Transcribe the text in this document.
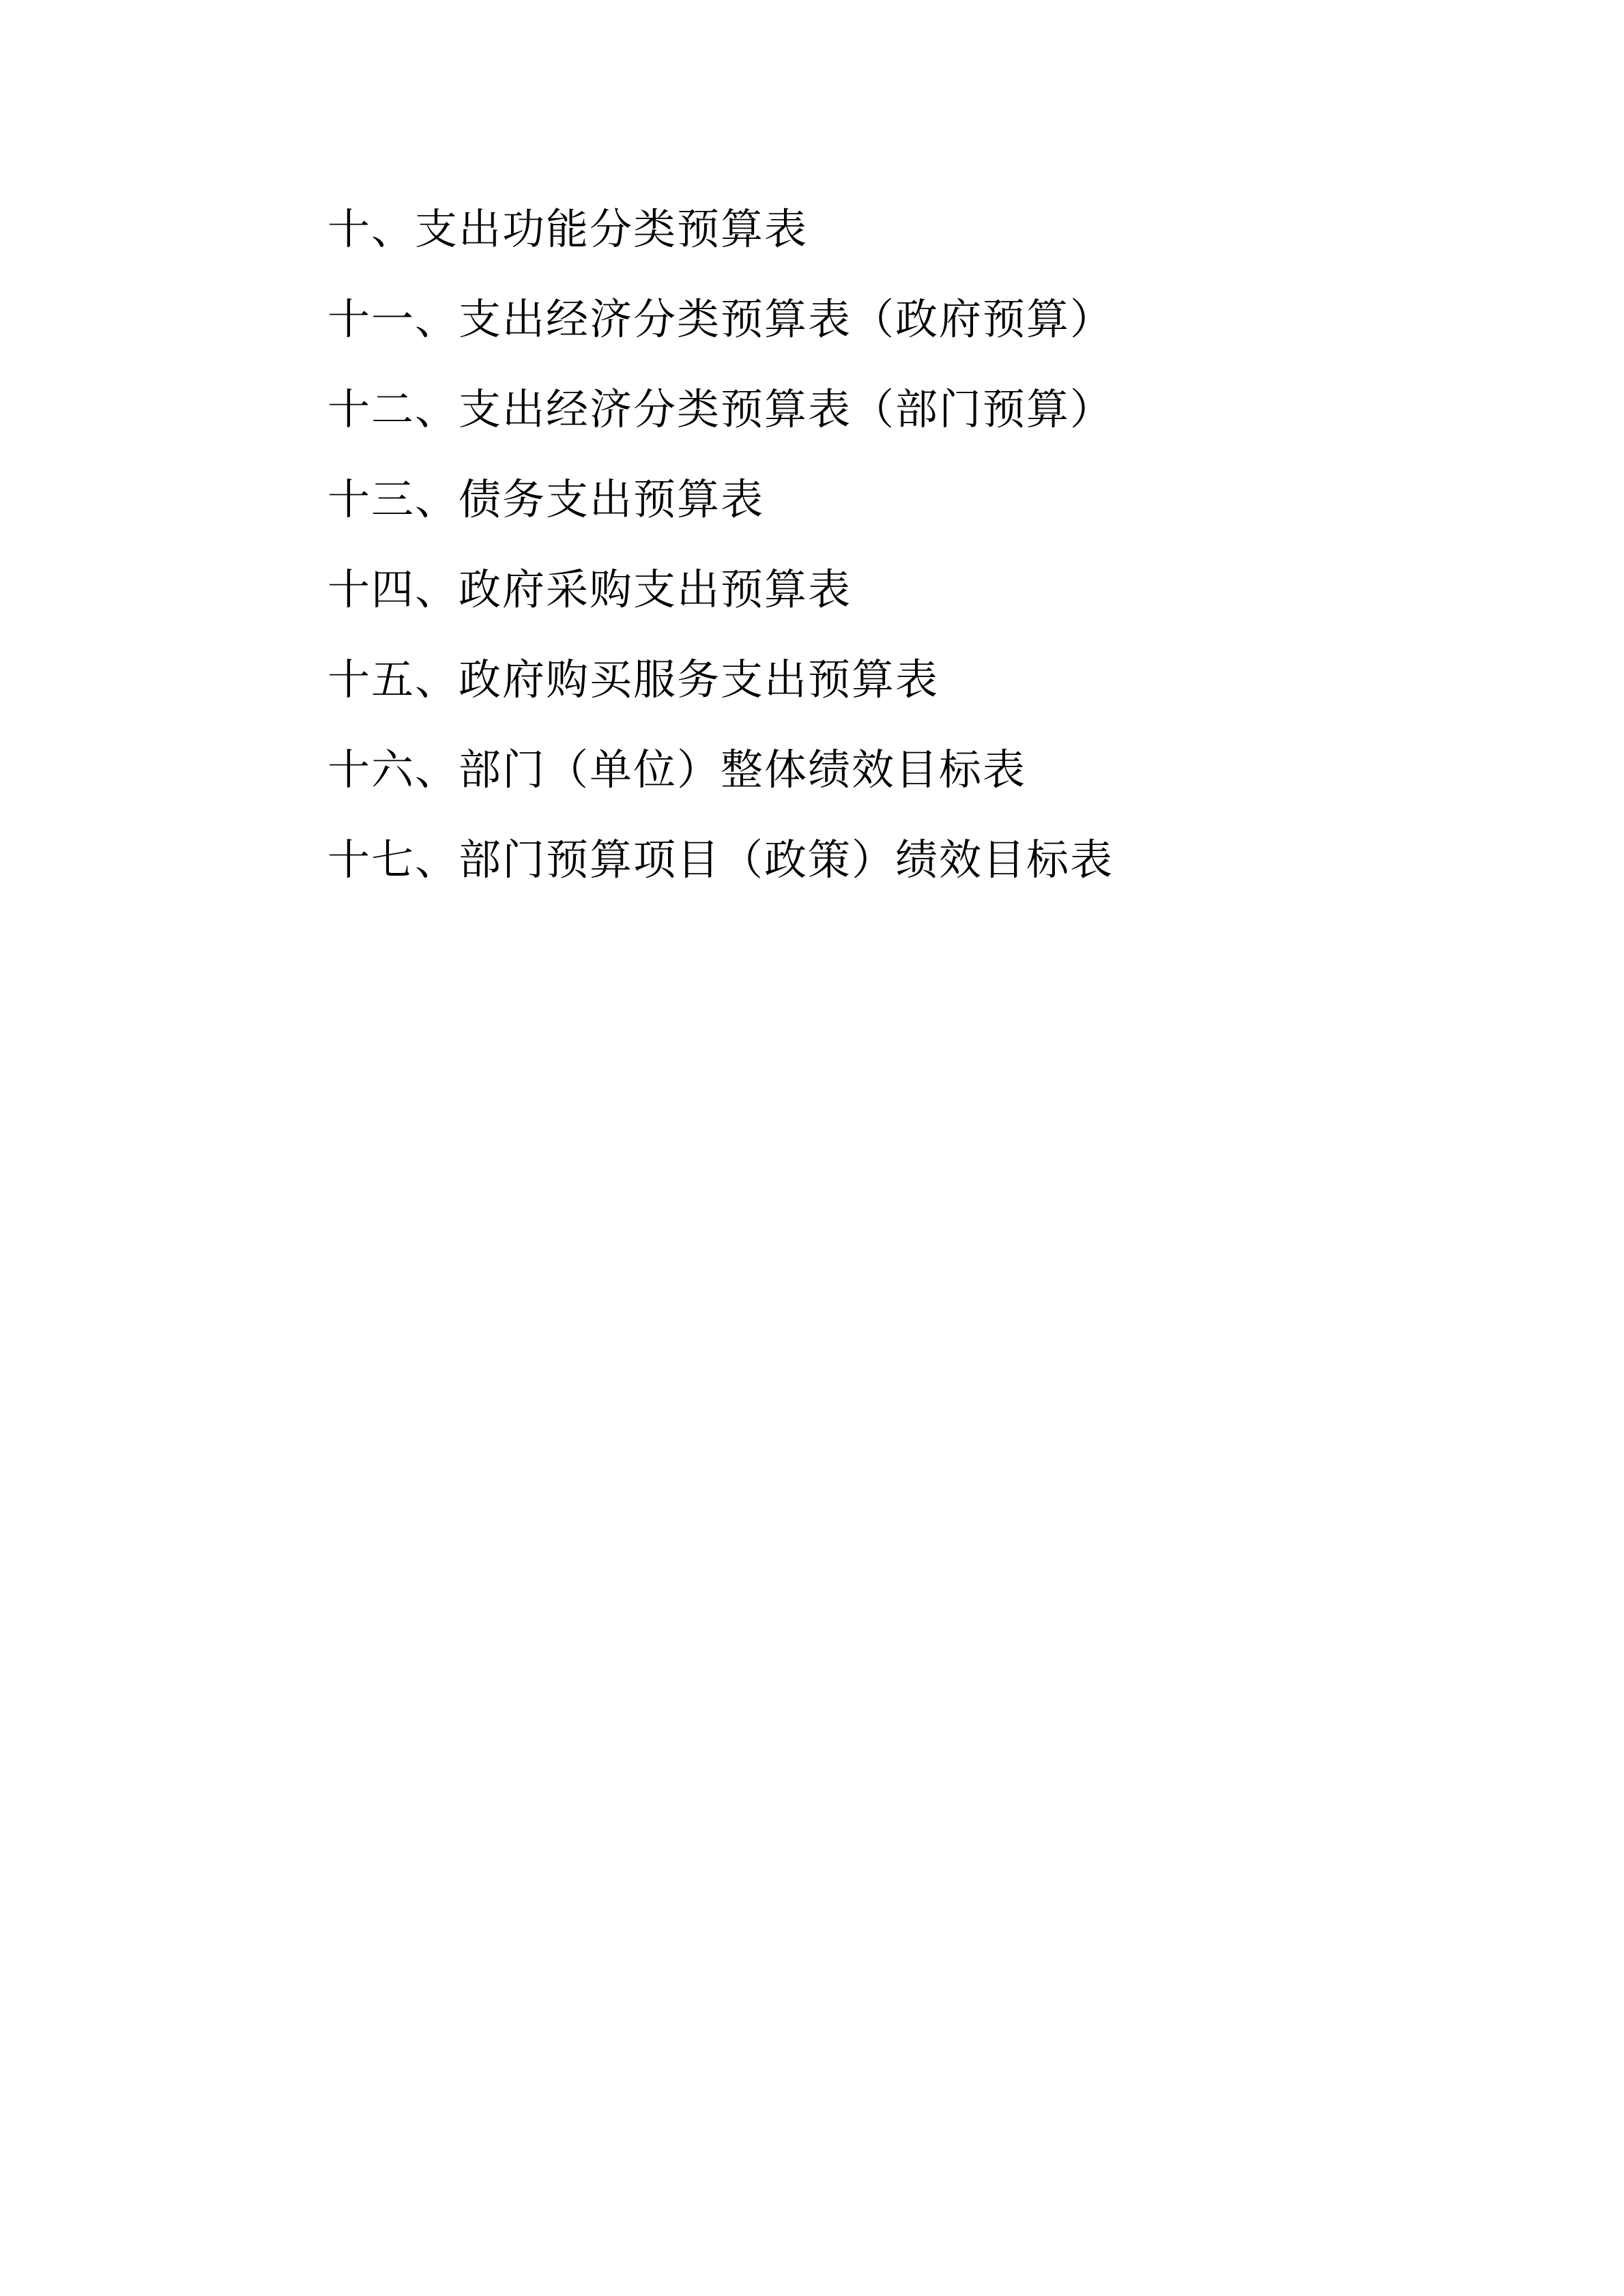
十、支出功能分类预算表
十一、支出经济分类预算表（政府预算）
十二、支出经济分类预算表（部门预算）
十三、债务支出预算表
十四、政府采购支出预算表
十五、政府购买服务支出预算表
十六、部门（单位）整体绩效目标表
十七、部门预算项目（政策）绩效目标表
